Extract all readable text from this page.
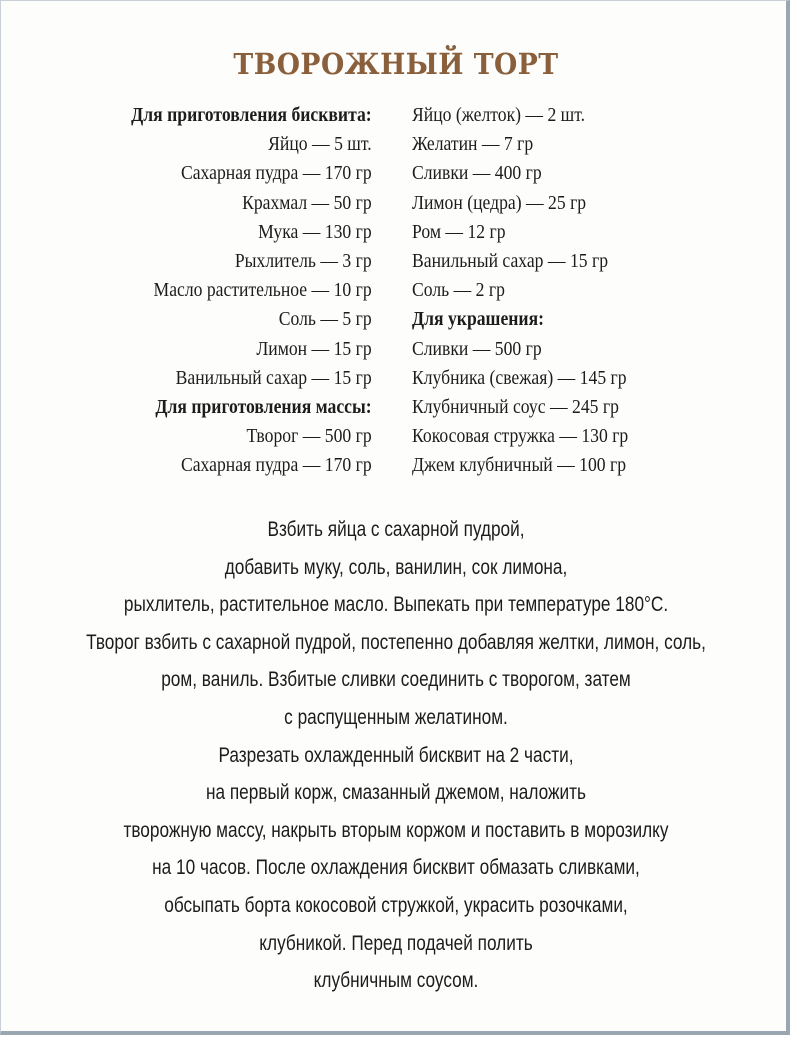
ТВОРОЖНЫЙ ТОРТ
Для приготовления бисквита:
Яйцо — 5 шт.
Сахарная пудра — 170 гр
Крахмал — 50 гр
Мука — 130 гр
Рыхлитель — 3 гр
Масло растительное — 10 гр
Соль — 5 гр
Лимон — 15 гр
Ванильный сахар — 15 гр
Для приготовления массы:
Творог — 500 гр
Сахарная пудра — 170 гр
Яйцо (желток) — 2 шт.
Желатин — 7 гр
Сливки — 400 гр
Лимон (цедра) — 25 гр
Ром — 12 гр
Ванильный сахар — 15 гр
Соль — 2 гр
Для украшения:
Сливки — 500 гр
Клубника (свежая) — 145 гр
Клубничный соус — 245 гр
Кокосовая стружка — 130 гр
Джем клубничный — 100 гр
Взбить яйца с сахарной пудрой,
добавить муку, соль, ванилин, сок лимона,
рыхлитель, растительное масло. Выпекать при температуре 180°C.
Творог взбить с сахарной пудрой, постепенно добавляя желтки, лимон, соль,
ром, ваниль. Взбитые сливки соединить с творогом, затем
с распущенным желатином.
Разрезать охлажденный бисквит на 2 части,
на первый корж, смазанный джемом, наложить
творожную массу, накрыть вторым коржом и поставить в морозилку
на 10 часов. После охлаждения бисквит обмазать сливками,
обсыпать борта кокосовой стружкой, украсить розочками,
клубникой. Перед подачей полить
клубничным соусом.
